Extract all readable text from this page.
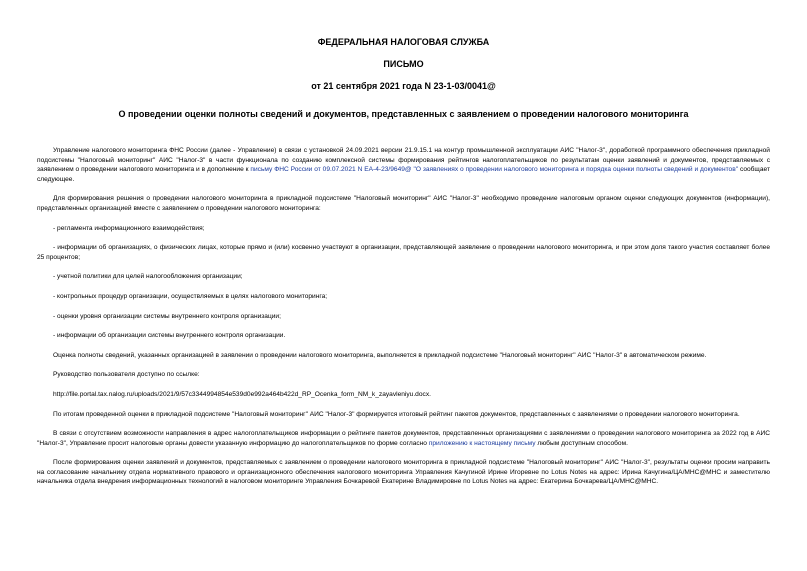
ФЕДЕРАЛЬНАЯ НАЛОГОВАЯ СЛУЖБА
ПИСЬМО
от 21 сентября 2021 года N 23-1-03/0041@
О проведении оценки полноты сведений и документов, представленных с заявлением о проведении налогового мониторинга

Управление налогового мониторинга ФНС России (далее - Управление) в связи с установкой 24.09.2021 версии 21.9.15.1 на контур промышленной эксплуатации АИС "Налог-3", доработкой программного обеспечения прикладной подсистемы "Налоговый мониторинг" АИС "Налог-3" в части функционала по созданию комплексной системы формирования рейтингов налогоплательщиков по результатам оценки заявлений и документов, представляемых с заявлением о проведении налогового мониторинга и в дополнение к письму ФНС России от 09.07.2021 N ЕА-4-23/9649@ "О заявлениях о проведении налогового мониторинга и порядка оценки полноты сведений и документов" сообщает следующее.

Для формирования решения о проведении налогового мониторинга в прикладной подсистеме "Налоговый мониторинг" АИС "Налог-3" необходимо проведение налоговым органом оценки следующих документов (информации), представленных организацией вместе с заявлением о проведении налогового мониторинга:

- регламента информационного взаимодействия;

- информации об организациях, о физических лицах, которые прямо и (или) косвенно участвуют в организации, представляющей заявление о проведении налогового мониторинга, и при этом доля такого участия составляет более 25 процентов;

- учетной политики для целей налогообложения организации;

- контрольных процедур организации, осуществляемых в целях налогового мониторинга;

- оценки уровня организации системы внутреннего контроля организации;

- информации об организации системы внутреннего контроля организации.

Оценка полноты сведений, указанных организацией в заявлении о проведении налогового мониторинга, выполняется в прикладной подсистеме "Налоговый мониторинг" АИС "Налог-3" в автоматическом режиме.

Руководство пользователя доступно по ссылке:

http://file.portal.tax.nalog.ru/uploads/2021/9/57c3344994854e539d0e992a464b422d_RP_Ocenka_form_NM_k_zayavleniyu.docx.

По итогам проведенной оценки в прикладной подсистеме "Налоговый мониторинг" АИС "Налог-3" формируется итоговый рейтинг пакетов документов, представленных с заявлениями о проведении налогового мониторинга.

В связи с отсутствием возможности направления в адрес налогоплательщиков информации о рейтинге пакетов документов, представленных организациями с заявлениями о проведении налогового мониторинга за 2022 год в АИС "Налог-3", Управление просит налоговые органы довести указанную информацию до налогоплательщиков по форме согласно приложению к настоящему письму любым доступным способом.

После формирования оценки заявлений и документов, представляемых с заявлением о проведении налогового мониторинга в прикладной подсистеме "Налоговый мониторинг" АИС "Налог-3", результаты оценки просим направить на согласование начальнику отдела нормативного правового и организационного обеспечения налогового мониторинга Управления Качугиной Ирине Игоревне по Lotus Notes на адрес: Ирина Качугина/ЦА/МНС@МНС и заместителю начальника отдела внедрения информационных технологий в налоговом мониторинге Управления Бочкаревой Екатерине Владимировне по Lotus Notes на адрес: Екатерина Бочкарева/ЦА/МНС@МНС.
